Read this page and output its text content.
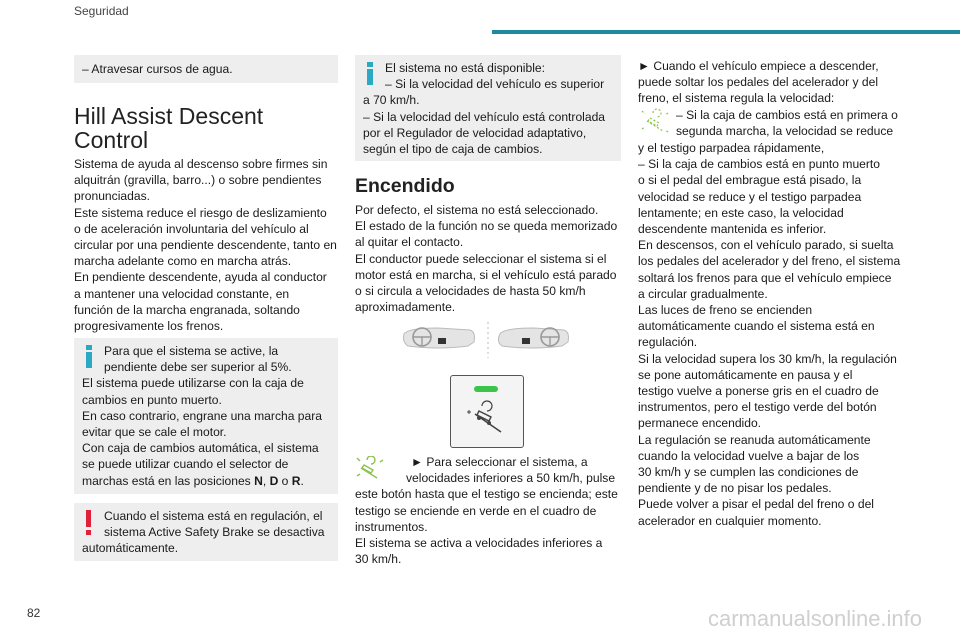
Seguridad
– Atravesar cursos de agua.
Hill Assist Descent
Control

Sistema de ayuda al descenso sobre firmes sin

alquitrán (gravilla, barro...) o sobre pendientes

pronunciadas.

Este sistema reduce el riesgo de deslizamiento

o de aceleración involuntaria del vehículo al

circular por una pendiente descendente, tanto en

marcha adelante como en marcha atrás.

En pendiente descendente, ayuda al conductor

a mantener una velocidad constante, en

función de la marcha engranada, soltando

progresivamente los frenos.

Para que el sistema se active, la
pendiente debe ser superior al 5%.
El sistema puede utilizarse con la caja de
cambios en punto muerto.
En caso contrario, engrane una marcha para
evitar que se cale el motor.
Con caja de cambios automática, el sistema
se puede utilizar cuando el selector de
marchas está en las posiciones N, D o R.
Cuando el sistema está en regulación, el
sistema Active Safety Brake se desactiva
automáticamente.
El sistema no está disponible:
– Si la velocidad del vehículo es superior
a 70 km/h.
– Si la velocidad del vehículo está controlada
por el Regulador de velocidad adaptativo,
según el tipo de caja de cambios.
Encendido

Por defecto, el sistema no está seleccionado.

El estado de la función no se queda memorizado

al quitar el contacto.

El conductor puede seleccionar el sistema si el

motor está en marcha, si el vehículo está parado

o si circula a velocidades de hasta 50 km/h

aproximadamente.

► Para seleccionar el sistema, a

velocidades inferiores a 50 km/h, pulse

este botón hasta que el testigo se encienda; este

testigo se enciende en verde en el cuadro de

instrumentos.

El sistema se activa a velocidades inferiores a

30 km/h.

► Cuando el vehículo empiece a descender,

puede soltar los pedales del acelerador y del

freno, el sistema regula la velocidad:

– Si la caja de cambios está en primera o

segunda marcha, la velocidad se reduce

y el testigo parpadea rápidamente,

– Si la caja de cambios está en punto muerto

o si el pedal del embrague está pisado, la

velocidad se reduce y el testigo parpadea

lentamente; en este caso, la velocidad

descendente mantenida es inferior.

En descensos, con el vehículo parado, si suelta

los pedales del acelerador y del freno, el sistema

soltará los frenos para que el vehículo empiece

a circular gradualmente.

Las luces de freno se encienden

automáticamente cuando el sistema está en

regulación.

Si la velocidad supera los 30 km/h, la regulación

se pone automáticamente en pausa y el

testigo vuelve a ponerse gris en el cuadro de

instrumentos, pero el testigo verde del botón

permanece encendido.

La regulación se reanuda automáticamente

cuando la velocidad vuelve a bajar de los

30 km/h y se cumplen las condiciones de

pendiente y de no pisar los pedales.

Puede volver a pisar el pedal del freno o del

acelerador en cualquier momento.

82	carmanualsonline.info
